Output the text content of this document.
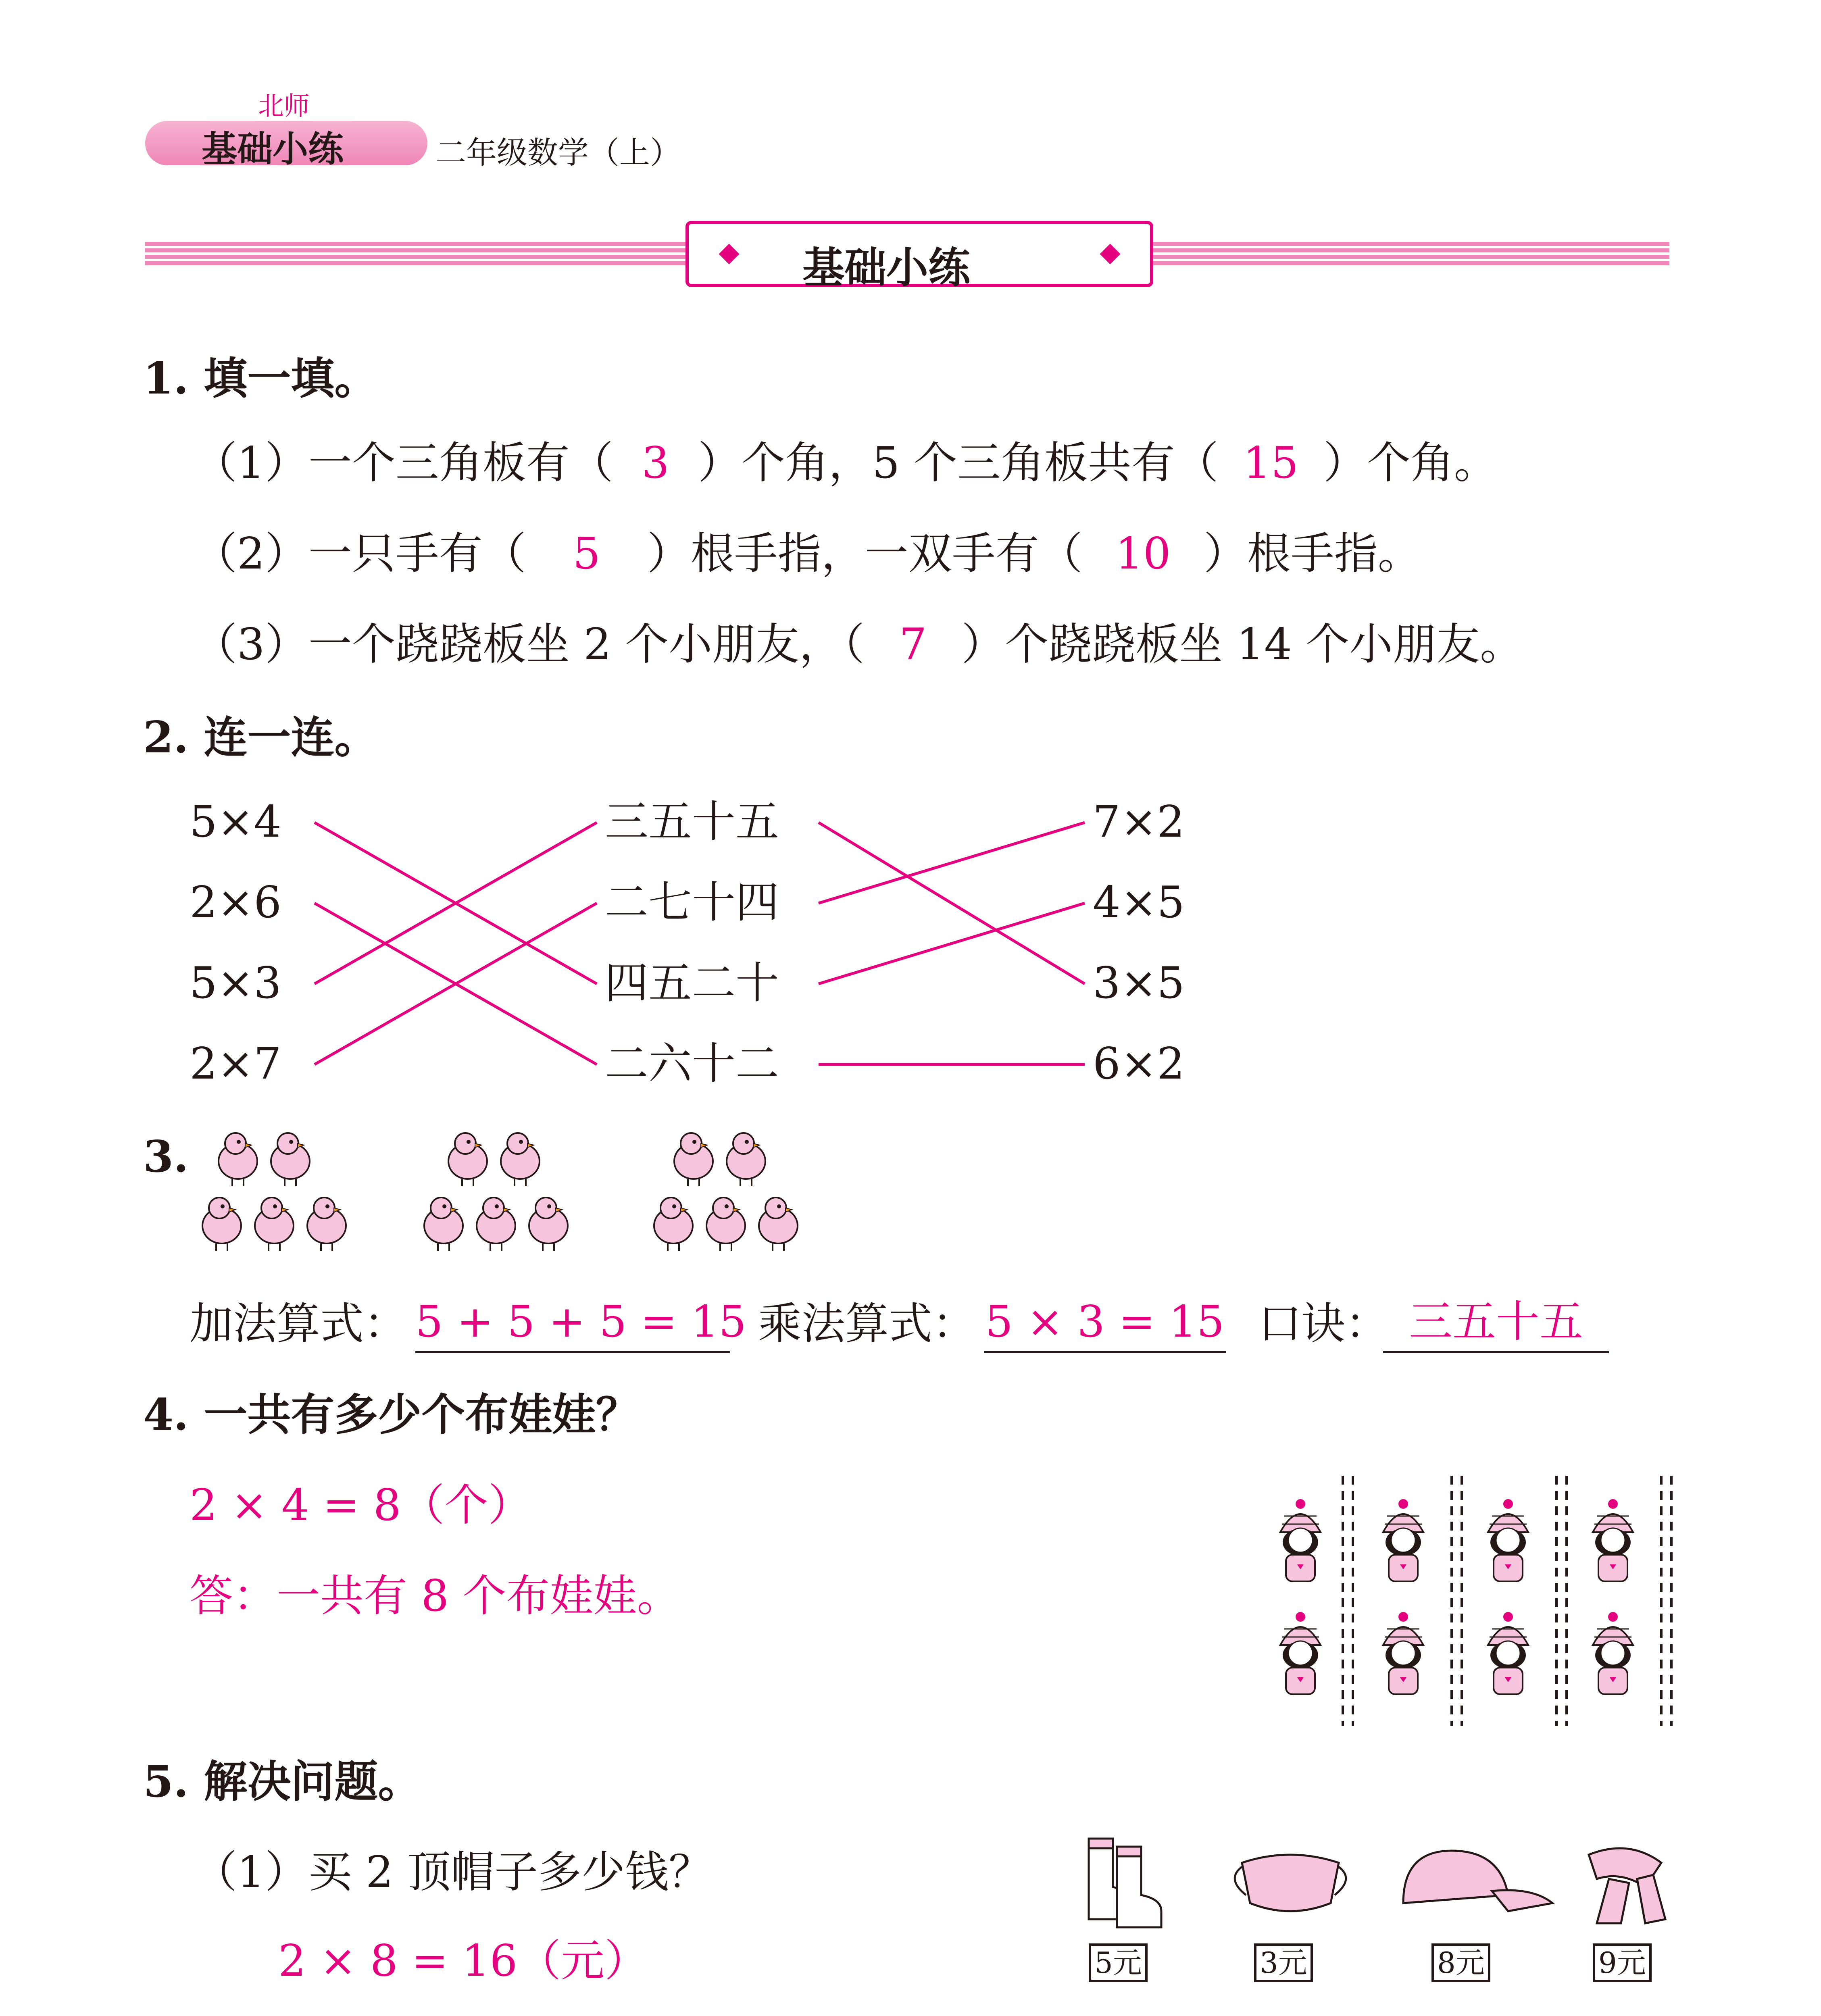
北师
基础小练	二年级数学（上）
基础小练
1. 填一填。
（1）一个三角板有（ 3 ）个角，5 个三角板共有（ 15 ）个角。
（2）一只手有（ 5 ）根手指，一双手有（ 10 ）根手指。
（3）一个跷跷板坐 2 个小朋友，（ 7 ）个跷跷板坐 14 个小朋友。
2. 连一连。
5×4
2×6
5×3
2×7
三五十五
二七十四
四五二十
二六十二
7×2
4×5
3×5
6×2
3.
加法算式： 5 + 5 + 5 = 15 乘法算式： 5 × 3 = 15 口诀： 三五十五
4. 一共有多少个布娃娃？
2 × 4 = 8（个）
答：一共有 8 个布娃娃。
5. 解决问题。
（1）买 2 顶帽子多少钱？
2 × 8 = 16（元）	5元	3元	8元	9元
